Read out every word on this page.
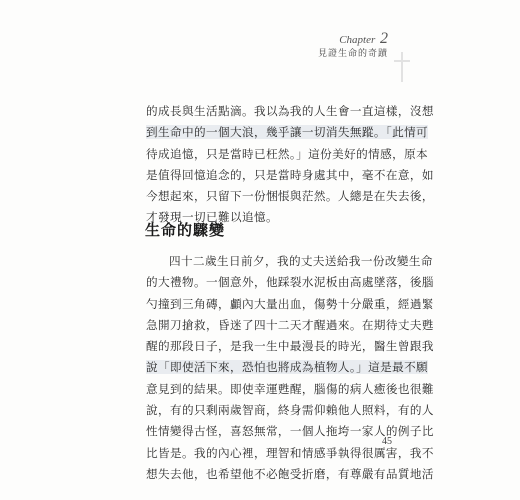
Chapter 2
見證生命的奇蹟
的成長與生活點滴。我以為我的人生會一直這樣，沒想
到生命中的一個大浪，幾乎讓一切消失無蹤。「此情可
待成追憶，只是當時已枉然。」這份美好的情感，原本
是值得回憶追念的，只是當時身處其中，毫不在意，如
今想起來，只留下一份悃悵與茫然。人總是在失去後，
才發現一切已難以追憶。
生命的驟變
四十二歲生日前夕，我的丈夫送給我一份改變生命
的大禮物。一個意外，他踩裂水泥板由高處墜落，後腦
勺撞到三角磚，顱內大量出血，傷勢十分嚴重，經過緊
急開刀搶救，昏迷了四十二天才醒過來。在期待丈夫甦
醒的那段日子，是我一生中最漫長的時光，醫生曾跟我
說「即使活下來，恐怕也將成為植物人。」這是最不願
意見到的結果。即使幸運甦醒，腦傷的病人癒後也很難
說，有的只剩兩歲智商，終身需仰賴他人照料，有的人
性情變得古怪，喜怒無常，一個人拖垮一家人的例子比
比皆是。我的內心裡，理智和情感爭執得很厲害，我不
想失去他，也希望他不必飽受折磨，有尊嚴有品質地活
45
